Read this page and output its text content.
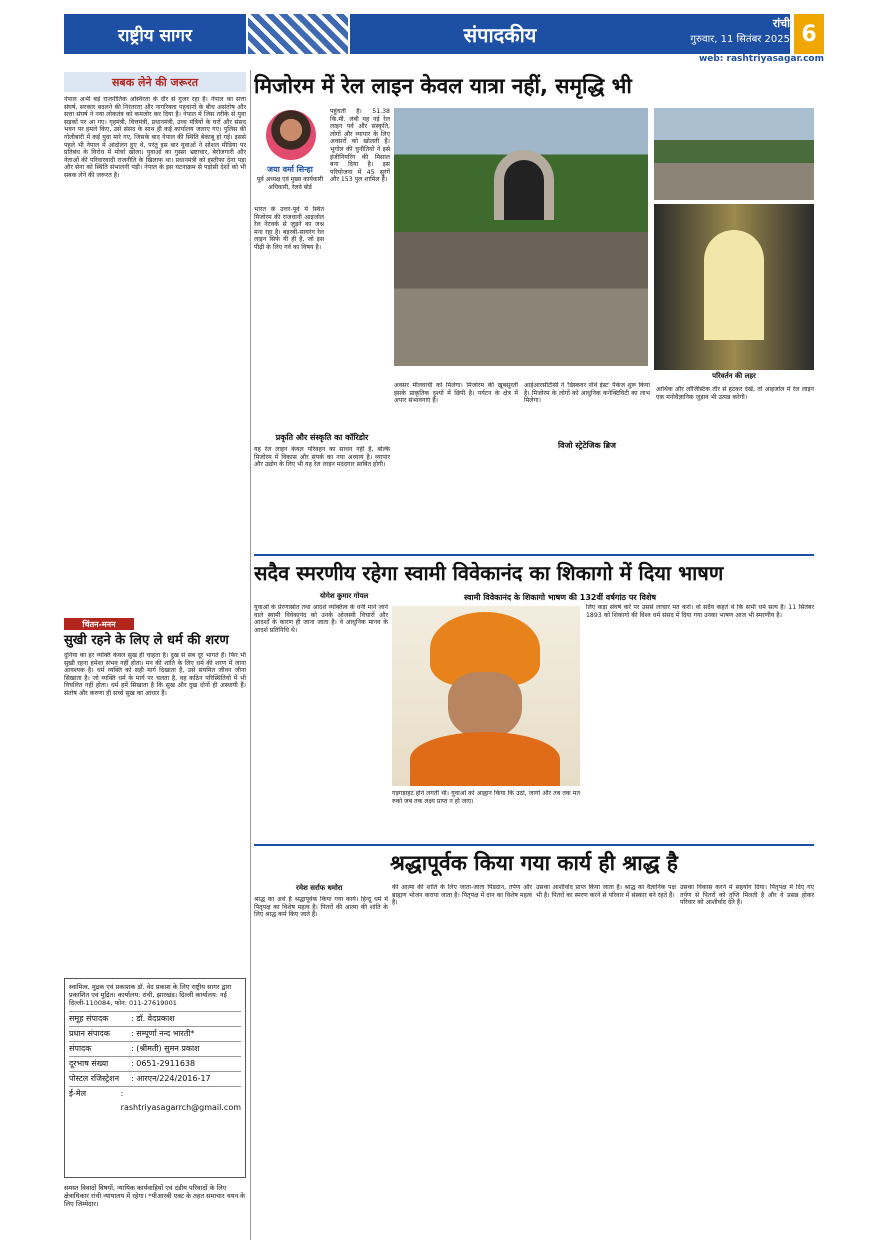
राष्ट्रीय सागर	संपादकीय	रांची
गुरुवार, 11 सितंबर 2025 6
web: rashtriyasagar.com
सबक लेने की जरूरत
नेपाल अभी बड़े राजनीतिक अस्थिरता के दौर से गुजर रहा है। नेपाल का सत्ता संघर्ष, सरकार बदलने की निरंतरता और नागरिक्ता पहचानों के बीच असंतोष और सत्ता संघर्ष ने नया लोकतंत्र को कमजोर कर दिया है। नेपाल में जिस तरीके से युवा सड़कों पर आ गए। गृहमंत्री, वित्तमंत्री, प्रधानमंत्री, उच्च मंत्रियों के घरों और संसद भवन पर हमले किए, उसे संसद के साथ ही कई कार्यालय जलाए गए। पुलिस की गोलीबारी में कई युवा मारे गए, जिसके बाद नेपाल की स्थिति बेकाबू हो गई। इससे पहले भी नेपाल में आंदोलन हुए थे, परंतु इस बार युवाओं ने सोशल मीडिया पर प्रतिबंध के विरोध में मोर्चा खोला। युवाओं का गुस्सा भ्रष्टाचार, बेरोजगारी और नेताओं की परिवारवादी राजनीति के खिलाफ था। प्रधानमंत्री को इस्तीफा देना पड़ा और सेना को स्थिति संभालनी पड़ी। नेपाल के इस घटनाक्रम से पड़ोसी देशों को भी सबक लेने की जरूरत है।
चिंतन-मनन
सुखी रहने के लिए ले धर्म की शरण
दुनिया का हर व्यक्ति केवल सुख ही चाहता है। दुख से सब दूर भागते हैं। फिर भी सुखी रहना हमेशा संभव नहीं होता। मन की शांति के लिए धर्म की शरण में जाना आवश्यक है। धर्म व्यक्ति को सही मार्ग दिखाता है, उसे संयमित जीवन जीना सिखाता है। जो व्यक्ति धर्म के मार्ग पर चलता है, वह कठिन परिस्थितियों में भी विचलित नहीं होता। धर्म हमें सिखाता है कि सुख और दुख दोनों ही अस्थायी हैं। संतोष और करुणा ही सच्चे सुख का आधार हैं।
स्वामित्व, मुद्रक एवं प्रकाशक डॉ. वेद प्रकाश के लिए राष्ट्रीय सागर द्वारा प्रकाशित एवं मुद्रित। कार्यालय: रांची, झारखंड। दिल्ली कार्यालय: नई दिल्ली-110084, फोन: 011-27619001
समूह संपादक	: डॉ. वेदप्रकाश
प्रधान संपादक	: सम्पूर्णा नन्द भारती*
संपादक	: (श्रीमती) सुमन प्रकाश
दूरभाष संख्या	: 0651-2911638
पोस्टल रजिस्ट्रेशन	: आरएन/224/2016-17
ई-मेल	: rashtriyasagarrch@gmail.com
समस्त विवादों विषयों, न्यायिक कार्यवाहियों एवं दंडीय परिवादों के लिए क्षेत्राधिकार रांची न्यायालय में रहेगा। *पीआरबी एक्ट के तहत समाचार चयन के लिए जिम्मेदार।
मिजोरम में रेल लाइन केवल यात्रा नहीं, समृद्धि भी
जया वर्मा सिन्हा
पूर्व अध्यक्ष एवं मुख्य कार्यकारी अधिकारी, रेलवे बोर्ड
भारत के उत्तर-पूर्व में स्थित मिजोरम की राजधानी आइजोल रेल नेटवर्क से जुड़ने का जश्न मना रहा है। बइरबी-सायरंग रेल लाइन सिर्फ यी ही है, जो इस पीढ़ी के लिए गर्व का विषय है।
पहुंचती है। 51.38 कि.मी. लंबी यह नई रेल लाइन पर्व और संस्कृति, लोगों और व्यापार के लिए अवसरों को खोलती है। भूगोल की चुनौतियों ने इसे इंजीनियरिंग की मिसाल बना दिया है। इस परियोजना में 45 सुरंगें और 153 पुल शामिल हैं।
प्रकृति और संस्कृति का कॉरिडोर
यह रेल लाइन केवल परिवहन का साधन नहीं है, बल्कि मिजोरम में विकास और संपर्क का नया अध्याय है। व्यापार और उद्योग के लिए भी यह रेल लाइन मददगार साबित होगी।
परिवर्तन की लहर
अवसर मीलवाची को मिलेगा। मिजोरम की खूबसूरती इसके प्राकृतिक दृश्यों में छिपी है। पर्यटन के क्षेत्र में अपार संभावनाएं हैं।
विजो स्ट्रेटेजिक ब्रिज
आईआरसीटीसी ने 'डिस्कवर नॉर्थ ईस्ट' पैकेज शुरू किया है। मिजोरम के लोगों को आधुनिक कनेक्टिविटी का लाभ मिलेगा।
आर्थिक और लॉजिस्टिक तौर से हटकर देखें, तो आइजोल में रेल लाइन एक मनोवैज्ञानिक जुड़ाव भी उत्पन्न करेगी।
सदैव स्मरणीय रहेगा स्वामी विवेकानंद का शिकागो में दिया भाषण
योगेश कुमार गोयल	स्वामी विवेकानंद के शिकागो भाषण की 132वीं वर्षगांठ पर विशेष
युवाओं के प्रेरणास्रोत तथा आदर्श व्यक्तित्व के धनी माने जाने वाले स्वामी विवेकानंद को उनके ओजस्वी विचारों और आदर्शों के कारण ही जाना जाता है। वे आधुनिक मानव के आदर्श प्रतिनिधि थे।
गड़गड़ाहट होने लगती थी। युवाओं को आह्वान किया कि उठो, जागो और तब तक मत रुको जब तक लक्ष्य प्राप्त न हो जाए।
लिए कड़ा संघर्ष करें पर उससे लाचार मत करो। वो सदैव कहते थे कि सभी धर्म सत्य हैं। 11 सितंबर 1893 को शिकागो की विश्व धर्म संसद में दिया गया उनका भाषण आज भी स्मरणीय है।
श्रद्धापूर्वक किया गया कार्य ही श्राद्ध है
रमेश सर्राफ धमोरा
श्राद्ध का अर्थ है श्रद्धापूर्वक किया गया कार्य। हिन्दू धर्म में पितृपक्ष का विशेष महत्व है। पितरों की आत्मा की शांति के लिए श्राद्ध कर्म किए जाते हैं।
की आत्मा की शांति के लिए जाता-जाता पिंडदान, तर्पण और ब्राह्मण भोजन कराया जाता है। पितृपक्ष में दान का विशेष महत्व है।
उसका आशीर्वाद प्राप्त किया जाता है। श्राद्ध का वैज्ञानिक पक्ष भी है। पितरों का स्मरण करने से परिवार में संस्कार बने रहते हैं।
उसका विकास करने में सहयोग दिया। पितृपक्ष में दिए गए तर्पण से पितरों को तृप्ति मिलती है और वे प्रसन्न होकर परिवार को आशीर्वाद देते हैं।
